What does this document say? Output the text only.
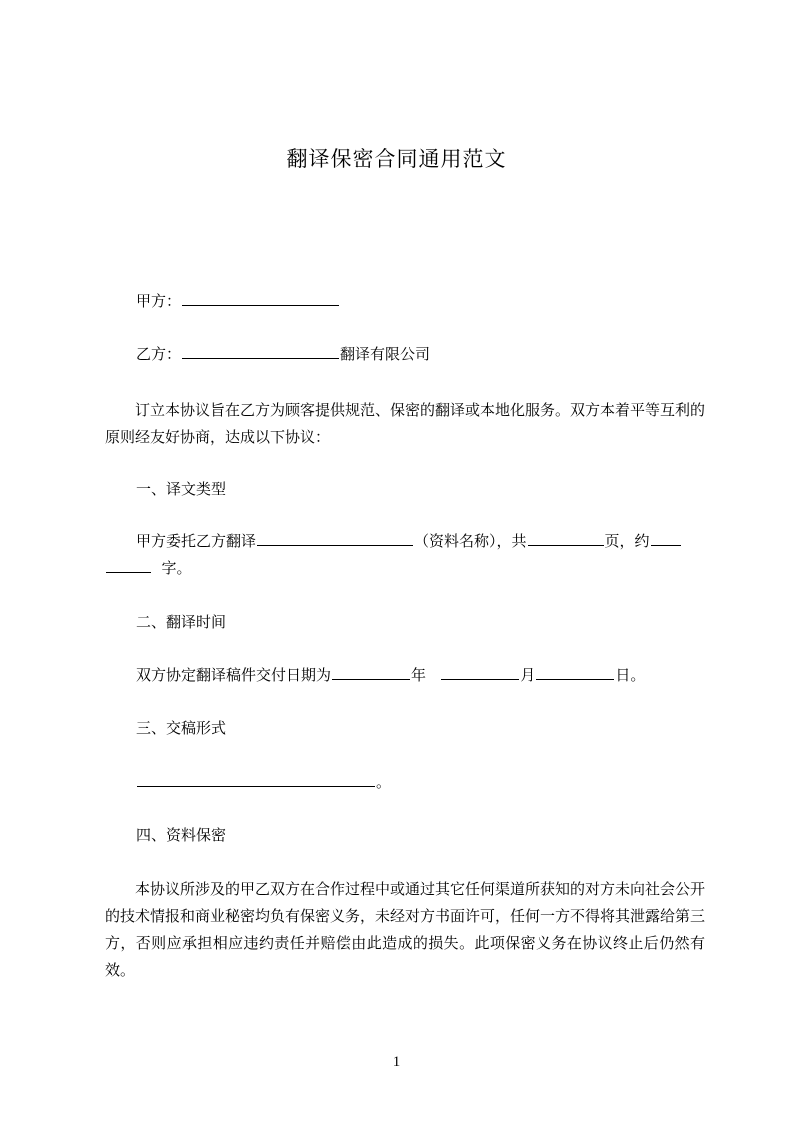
翻译保密合同通用范文
甲方：
乙方：	翻译有限公司
订立本协议旨在乙方为顾客提供规范、保密的翻译或本地化服务。双方本着平等互利的原则经友好协商，达成以下协议：
一、译文类型
甲方委托乙方翻译	（资料名称），共	页，约
字。
二、翻译时间
双方协定翻译稿件交付日期为	年	月	日。
三、交稿形式
。
四、资料保密
本协议所涉及的甲乙双方在合作过程中或通过其它任何渠道所获知的对方未向社会公开的技术情报和商业秘密均负有保密义务，未经对方书面许可，任何一方不得将其泄露给第三方，否则应承担相应违约责任并赔偿由此造成的损失。此项保密义务在协议终止后仍然有效。
1
